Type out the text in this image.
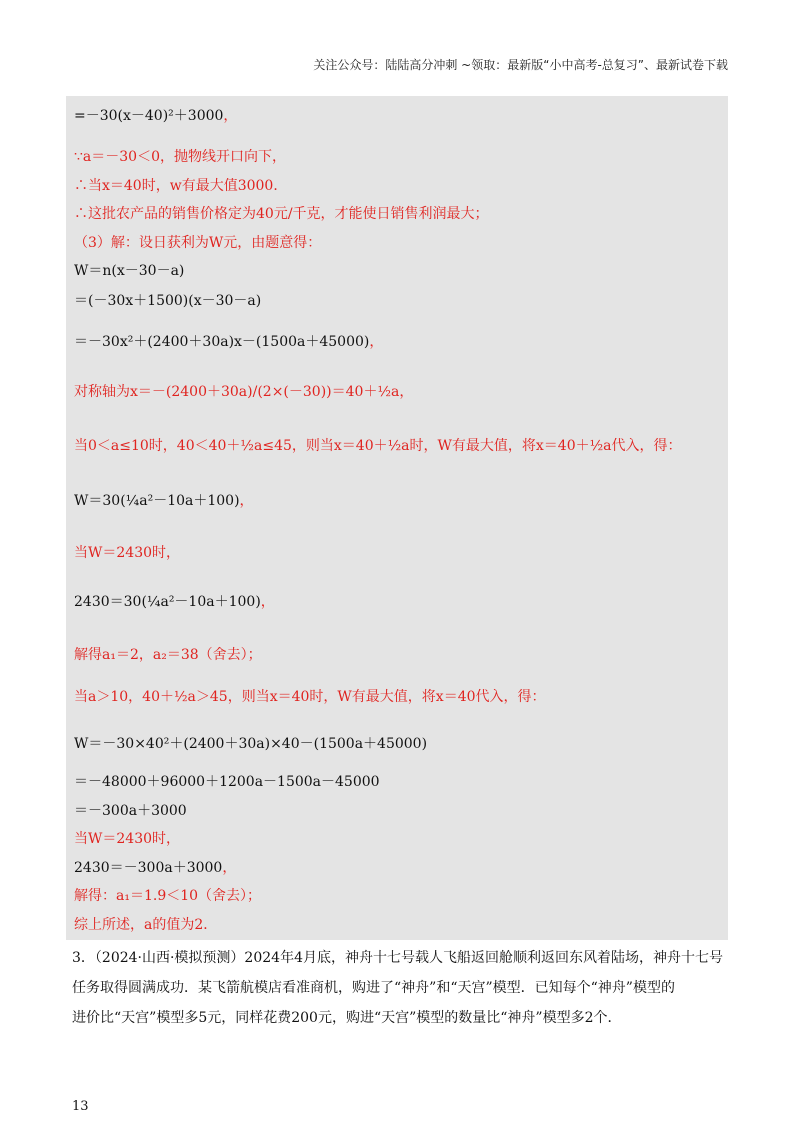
关注公众号：陆陆高分冲刺 ~领取：最新版“小中高考-总复习”、最新试卷下载
=－30(x－40)²＋3000，
∵a＝－30＜0，抛物线开口向下，
∴当x＝40时，w有最大值3000．
∴这批农产品的销售价格定为40元/千克，才能使日销售利润最大；
（3）解：设日获利为W元，由题意得：
W＝n(x－30－a)
＝(－30x＋1500)(x－30－a)
＝－30x²＋(2400＋30a)x－(1500a＋45000)，
对称轴为x＝－(2400＋30a)/(2×(－30))＝40＋½a，
当0＜a≤10时，40＜40＋½a≤45，则当x＝40＋½a时，W有最大值，将x＝40＋½a代入，得：
W＝30(¼a²－10a＋100)，
当W＝2430时，
2430＝30(¼a²－10a＋100)，
解得a₁＝2，a₂＝38（舍去）；
当a＞10，40＋½a＞45，则当x＝40时，W有最大值，将x＝40代入，得：
W＝－30×40²＋(2400＋30a)×40－(1500a＋45000)
＝－48000＋96000＋1200a－1500a－45000
＝－300a＋3000
当W＝2430时，
2430＝－300a＋3000，
解得：a₁＝1.9＜10（舍去）；
综上所述，a的值为2．
3．（2024·山西·模拟预测）2024年4月底，神舟十七号载人飞船返回舱顺利返回东风着陆场，神舟十七号
任务取得圆满成功．某飞箭航模店看准商机，购进了“神舟”和“天宫”模型．已知每个“神舟”模型的
进价比“天宫”模型多5元，同样花费200元，购进“天宫”模型的数量比“神舟”模型多2个．
13
